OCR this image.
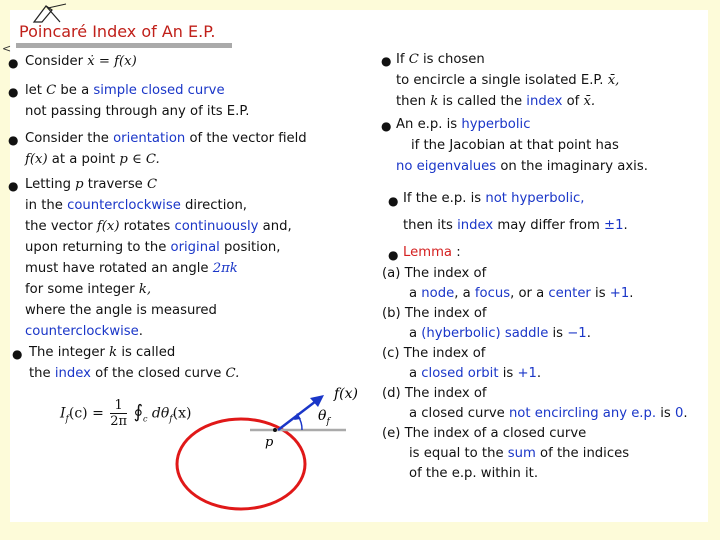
<
Poincaré Index of An E.P.
● Consider ẋ = f(x)
● let C be a simple closed curve
not passing through any of its E.P.
● Consider the orientation of the vector field
f(x) at a point p ∈ C.
● Letting p traverse C
in the counterclockwise direction,
the vector f(x) rotates continuously and,
upon returning to the original position,
must have rotated an angle 2πk
for some integer k,
where the angle is measured
counterclockwise.
● The integer k is called
the index of the closed curve C.
$I_f(c) = \frac{1}{2\pi}$ $∮_c$ $d\theta_f(x)$
f(x)
$\theta_f$
p
● If C is chosen
to encircle a single isolated E.P. x̄,
then k is called the index of x̄.
● An e.p. is hyperbolic
if the Jacobian at that point has
no eigenvalues on the imaginary axis.
● If the e.p. is not hyperbolic,
then its index may differ from ±1.
● Lemma :
(a) The index of
a node, a focus, or a center is +1.
(b) The index of
a (hyberbolic) saddle is −1.
(c) The index of
a closed orbit is +1.
(d) The index of
a closed curve not encircling any e.p. is 0.
(e) The index of a closed curve
is equal to the sum of the indices
of the e.p. within it.
